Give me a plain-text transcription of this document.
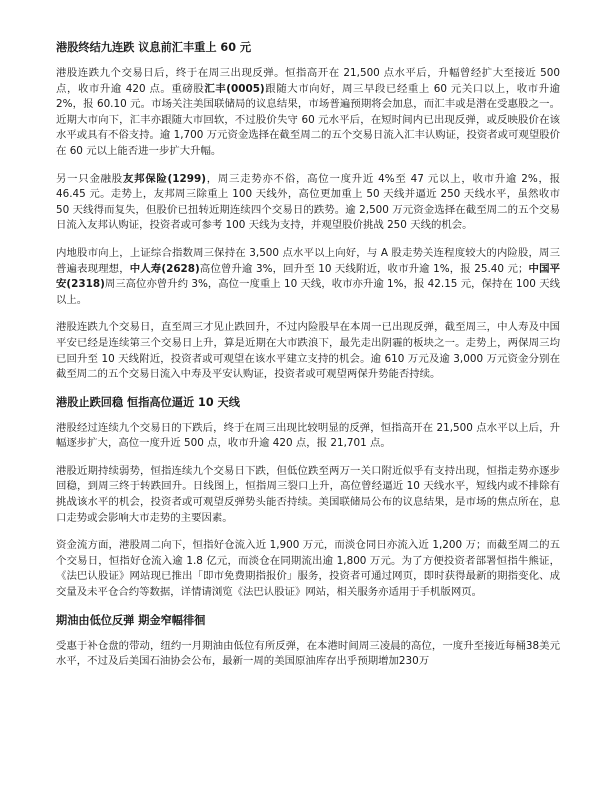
港股终结九连跌 议息前汇丰重上 60 元

港股连跌九个交易日后，终于在周三出现反弹。恒指高开在 21,500 点水平后，升幅曾经扩大至接近 500 点，收市升逾 420 点。重磅股汇丰(0005)跟随大市向好，周三早段已经重上 60 元关口以上，收市升逾 2%，报 60.10 元。市场关注美国联储局的议息结果，市场普遍预期将会加息，而汇丰或是潜在受惠股之一。近期大市向下，汇丰亦跟随大市回软，不过股价失守 60 元水平后，在短时间内已出现反弹，或反映股价在该水平或具有不俗支持。逾 1,700 万元资金选择在截至周二的五个交易日流入汇丰认购证，投资者或可观望股价在 60 元以上能否进一步扩大升幅。

另一只金融股友邦保险(1299)，周三走势亦不俗，高位一度升近 4%至 47 元以上，收市升逾 2%，报 46.45 元。走势上，友邦周三除重上 100 天线外，高位更加重上 50 天线并逼近 250 天线水平，虽然收市 50 天线得而复失，但股价已扭转近期连续四个交易日的跌势。逾 2,500 万元资金选择在截至周二的五个交易日流入友邦认购证，投资者或可参考 100 天线为支持，并观望股价挑战 250 天线的机会。

内地股市向上，上证综合指数周三保持在 3,500 点水平以上向好，与 A 股走势关连程度较大的内险股，周三普遍表现理想，中人寿(2628)高位曾升逾 3%，回升至 10 天线附近，收市升逾 1%，报 25.40 元；中国平安(2318)周三高位亦曾升约 3%，高位一度重上 10 天线，收市亦升逾 1%，报 42.15 元，保持在 100 天线以上。

港股连跌九个交易日，直至周三才见止跌回升，不过内险股早在本周一已出现反弹，截至周三，中人寿及中国平安已经是连续第三个交易日上升，算是近期在大市跌浪下，最先走出阴霾的板块之一。走势上，两保周三均已回升至 10 天线附近，投资者或可观望在该水平建立支持的机会。逾 610 万元及逾 3,000 万元资金分别在截至周二的五个交易日流入中寿及平安认购证，投资者或可观望两保升势能否持续。

港股止跌回稳 恒指高位逼近 10 天线

港股经过连续九个交易日的下跌后，终于在周三出现比较明显的反弹，恒指高开在 21,500 点水平以上后，升幅逐步扩大，高位一度升近 500 点，收市升逾 420 点，报 21,701 点。

港股近期持续弱势，恒指连续九个交易日下跌，但低位跌至两万一关口附近似乎有支持出现，恒指走势亦逐步回稳，到周三终于转跌回升。日线图上，恒指周三裂口上升，高位曾经逼近 10 天线水平，短线内或不排除有挑战该水平的机会，投资者或可观望反弹势头能否持续。美国联储局公布的议息结果，是市场的焦点所在，息口走势或会影响大市走势的主要因素。

资金流方面，港股周二向下，恒指好仓流入近 1,900 万元，而淡仓同日亦流入近 1,200 万；而截至周二的五个交易日，恒指好仓流入逾 1.8 亿元，而淡仓在同期流出逾 1,800 万元。为了方便投资者部署恒指牛熊证，《法巴认股证》网站现已推出「即市免费期指报价」服务，投资者可通过网页，即时获得最新的期指变化、成交量及未平仓合约等数据，详情请浏览《法巴认股证》网站，相关服务亦适用于手机版网页。

期油由低位反弹 期金窄幅徘徊

受惠于补仓盘的带动，纽约一月期油由低位有所反弹，在本港时间周三凌晨的高位，一度升至接近每桶38美元水平，不过及后美国石油协会公布，最新一周的美国原油库存出乎预期增加230万
